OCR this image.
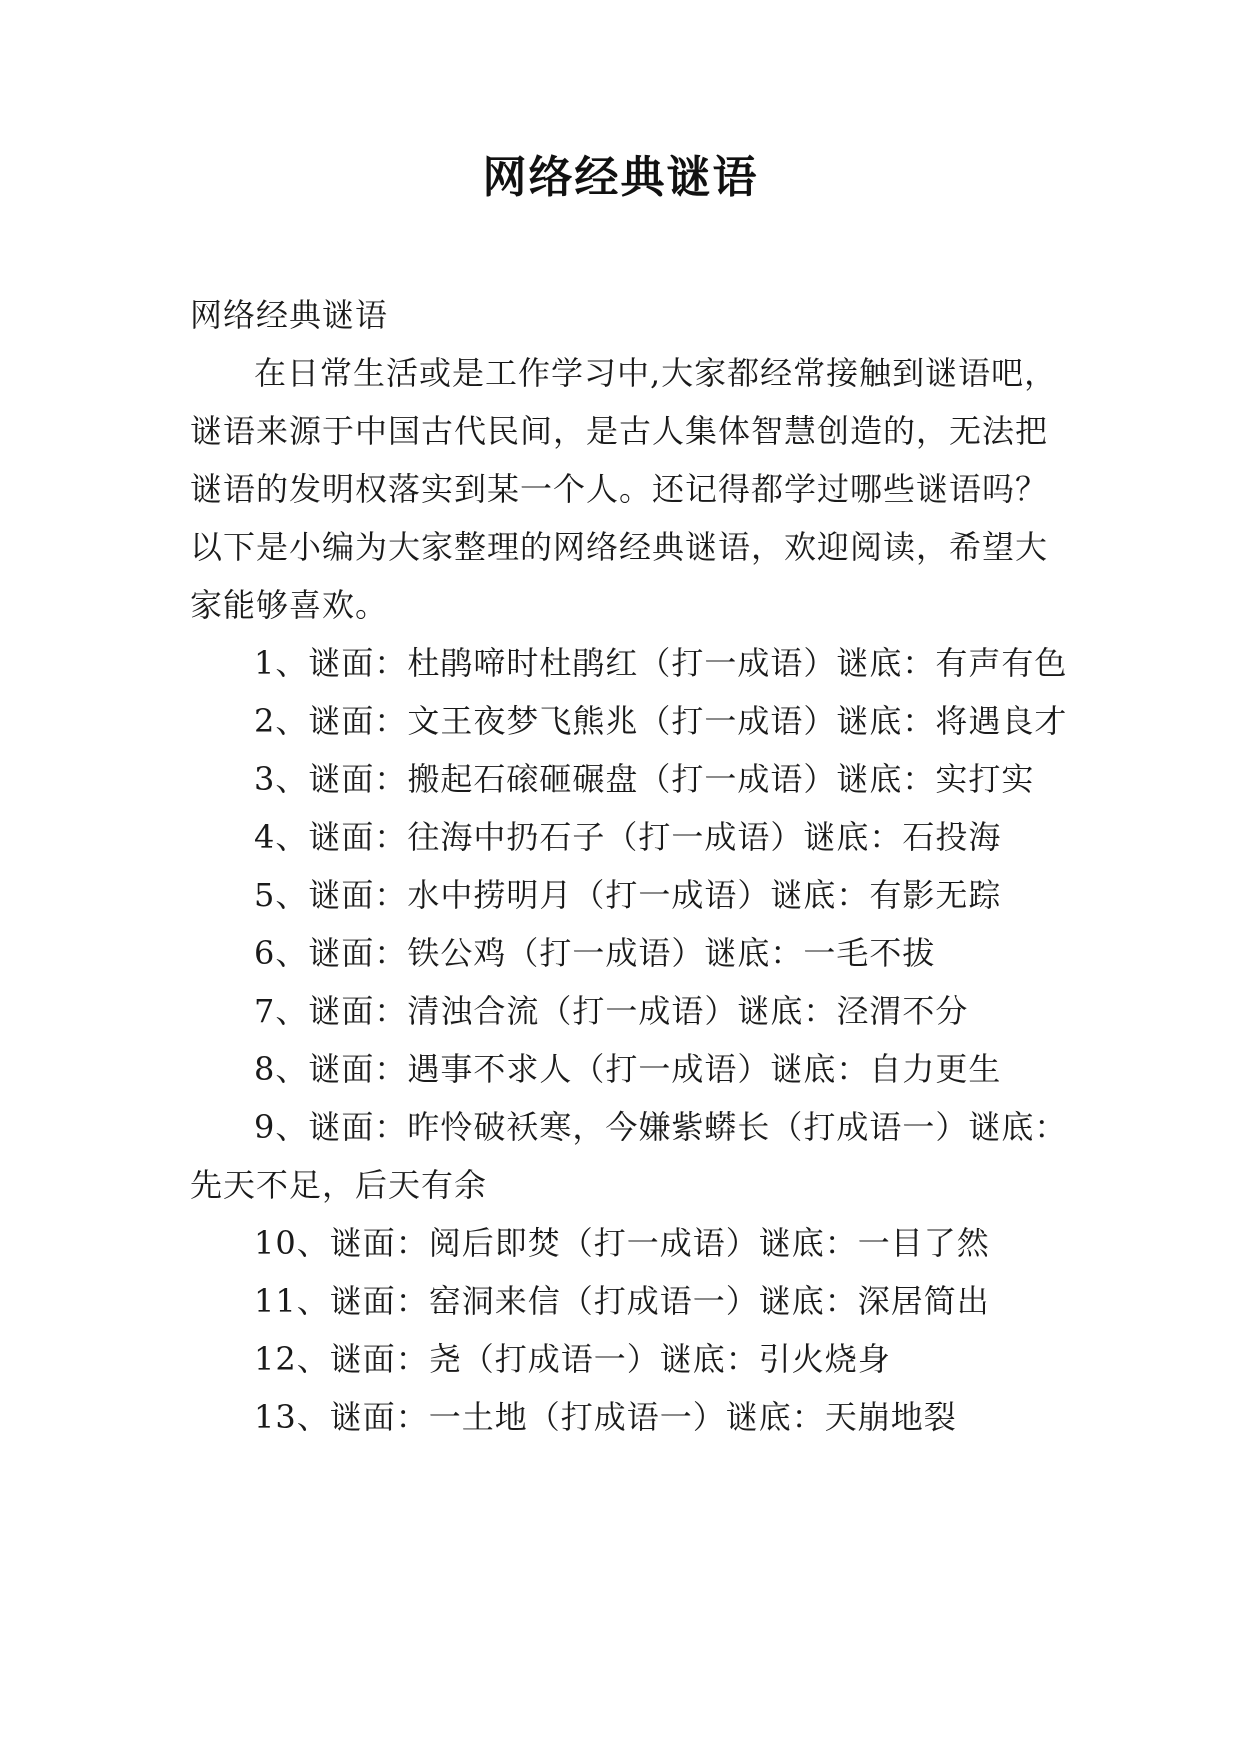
网络经典谜语

网络经典谜语

在日常生活或是工作学习中,大家都经常接触到谜语吧，谜语来源于中国古代民间，是古人集体智慧创造的，无法把谜语的发明权落实到某一个人。还记得都学过哪些谜语吗？以下是小编为大家整理的网络经典谜语，欢迎阅读，希望大家能够喜欢。

1、谜面：杜鹃啼时杜鹃红（打一成语）谜底：有声有色

2、谜面：文王夜梦飞熊兆（打一成语）谜底：将遇良才

3、谜面：搬起石磙砸碾盘（打一成语）谜底：实打实

4、谜面：往海中扔石子（打一成语）谜底：石投海

5、谜面：水中捞明月（打一成语）谜底：有影无踪

6、谜面：铁公鸡（打一成语）谜底：一毛不拔

7、谜面：清浊合流（打一成语）谜底：泾渭不分

8、谜面：遇事不求人（打一成语）谜底：自力更生

9、谜面：昨怜破袄寒，今嫌紫蟒长（打成语一）谜底：先天不足，后天有余

10、谜面：阅后即焚（打一成语）谜底：一目了然

11、谜面：窑洞来信（打成语一）谜底：深居简出

12、谜面：尧（打成语一）谜底：引火烧身

13、谜面：一土地（打成语一）谜底：天崩地裂
